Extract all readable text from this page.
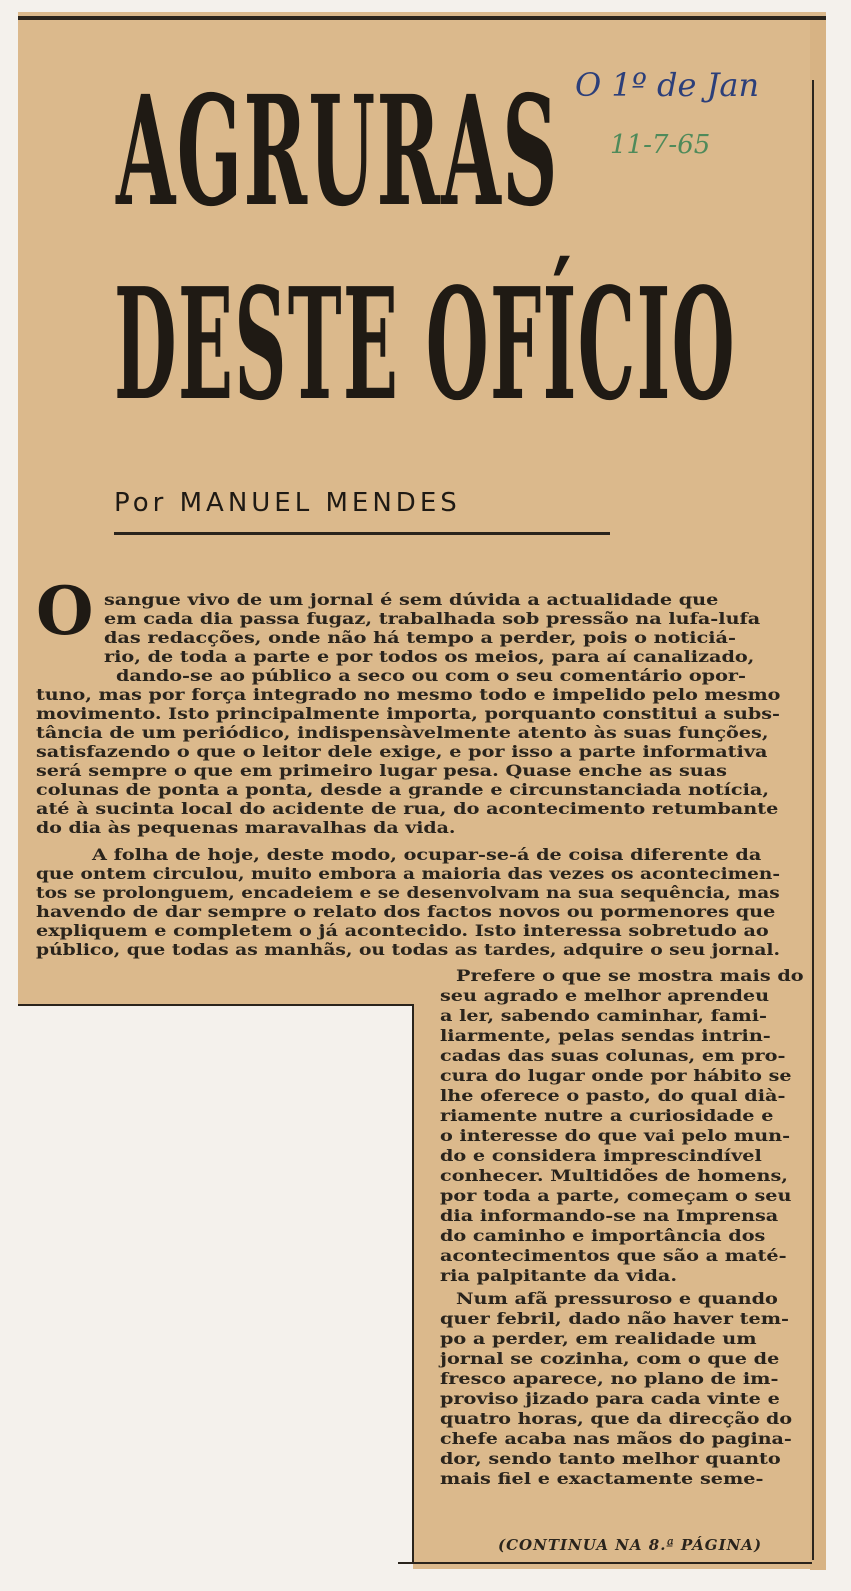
AGRURAS
DESTE OFÍCIO
O 1º de Jan
11-7-65

Por MANUEL MENDES

O sangue vivo de um jornal é sem dúvida a actualidade que

em cada dia passa fugaz, trabalhada sob pressão na lufa-lufa

das redacções, onde não há tempo a perder, pois o noticiá-

rio, de toda a parte e por todos os meios, para aí canalizado,

dando-se ao público a seco ou com o seu comentário opor-

tuno, mas por força integrado no mesmo todo e impelido pelo mesmo

movimento. Isto principalmente importa, porquanto constitui a subs-

tância de um periódico, indispensàvelmente atento às suas funções,

satisfazendo o que o leitor dele exige, e por isso a parte informativa

será sempre o que em primeiro lugar pesa. Quase enche as suas

colunas de ponta a ponta, desde a grande e circunstanciada notícia,

até à sucinta local do acidente de rua, do acontecimento retumbante

do dia às pequenas maravalhas da vida.

A folha de hoje, deste modo, ocupar-se-á de coisa diferente da

que ontem circulou, muito embora a maioria das vezes os acontecimen-

tos se prolonguem, encadeiem e se desenvolvam na sua sequência, mas

havendo de dar sempre o relato dos factos novos ou pormenores que

expliquem e completem o já acontecido. Isto interessa sobretudo ao

público, que todas as manhãs, ou todas as tardes, adquire o seu jornal.

Prefere o que se mostra mais do

seu agrado e melhor aprendeu

a ler, sabendo caminhar, fami-

liarmente, pelas sendas intrin-

cadas das suas colunas, em pro-

cura do lugar onde por hábito se

lhe oferece o pasto, do qual dià-

riamente nutre a curiosidade e

o interesse do que vai pelo mun-

do e considera imprescindível

conhecer. Multidões de homens,

por toda a parte, começam o seu

dia informando-se na Imprensa

do caminho e importância dos

acontecimentos que são a maté-

ria palpitante da vida.

Num afã pressuroso e quando

quer febril, dado não haver tem-

po a perder, em realidade um

jornal se cozinha, com o que de

fresco aparece, no plano de im-

proviso jizado para cada vinte e

quatro horas, que da direcção do

chefe acaba nas mãos do pagina-

dor, sendo tanto melhor quanto

mais fiel e exactamente seme-

(CONTINUA NA 8.ª PÁGINA)
